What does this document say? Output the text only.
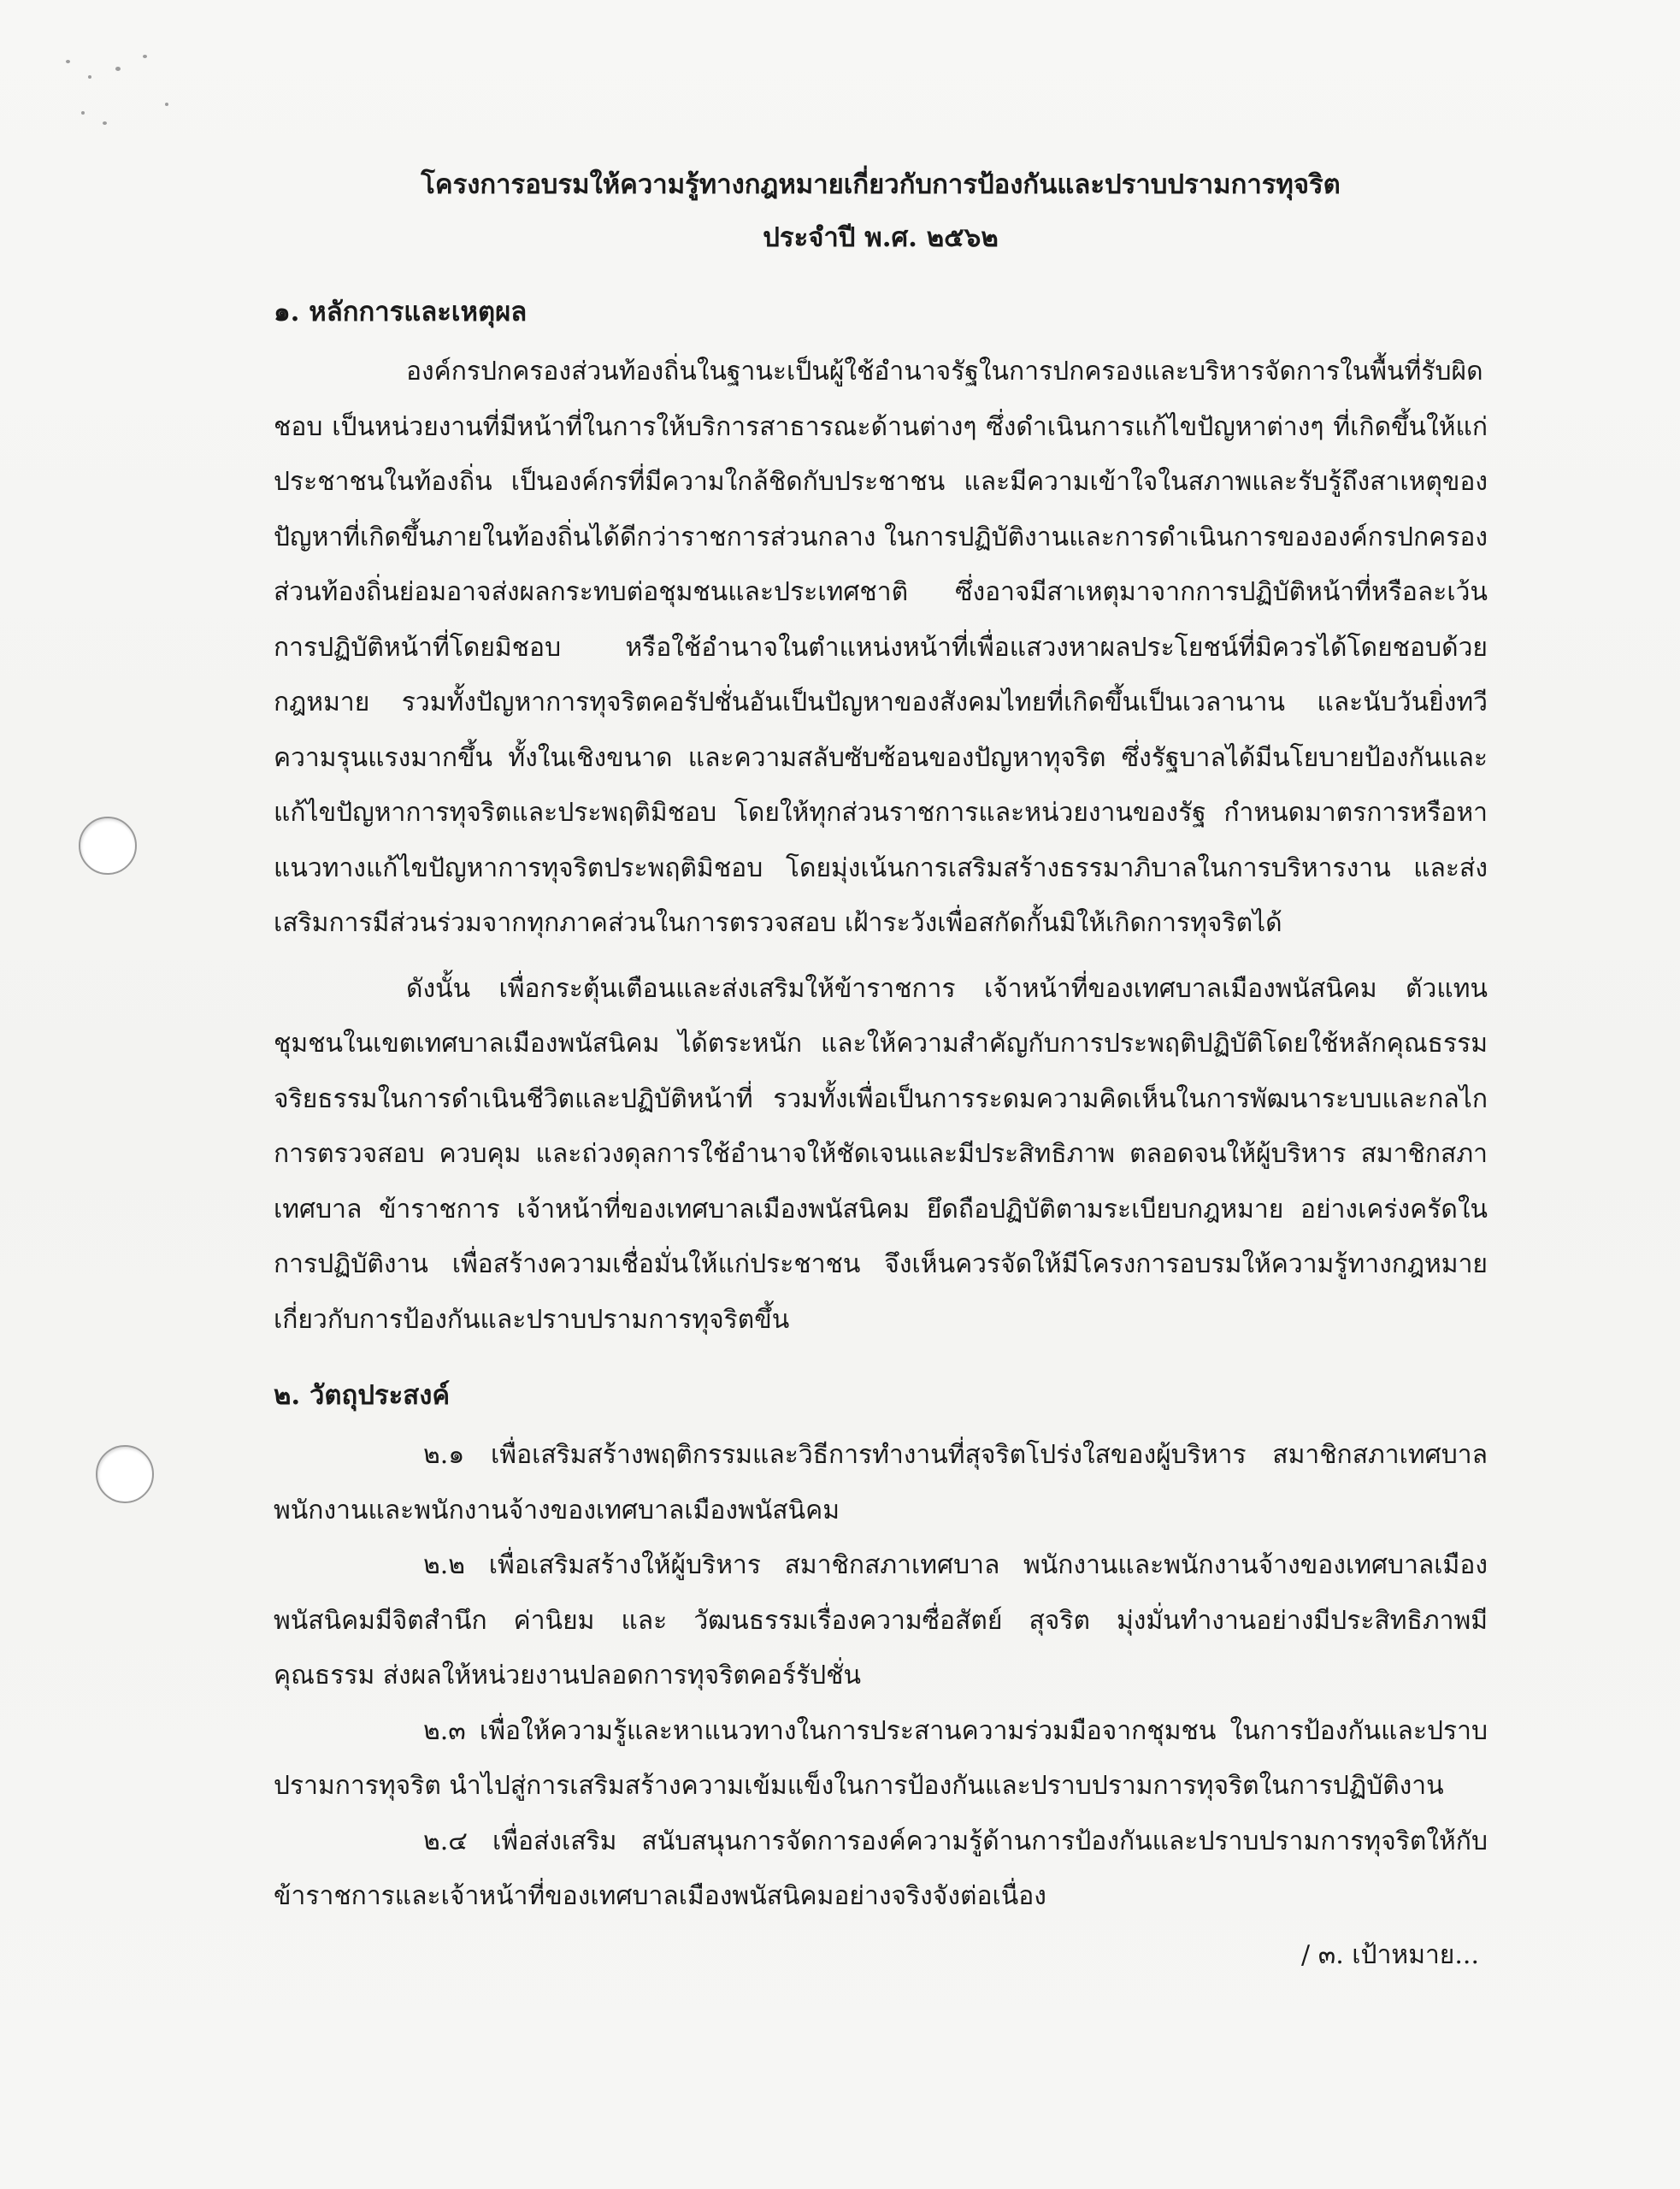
โครงการอบรมให้ความรู้ทางกฎหมายเกี่ยวกับการป้องกันและปราบปรามการทุจริต

ประจำปี พ.ศ. ๒๕๖๒

๑. หลักการและเหตุผล

องค์กรปกครองส่วนท้องถิ่นในฐานะเป็นผู้ใช้อำนาจรัฐในการปกครองและบริหารจัดการในพื้นที่รับผิดชอบ เป็นหน่วยงานที่มีหน้าที่ในการให้บริการสาธารณะด้านต่างๆ ซึ่งดำเนินการแก้ไขปัญหาต่างๆ ที่เกิดขึ้นให้แก่ประชาชนในท้องถิ่น เป็นองค์กรที่มีความใกล้ชิดกับประชาชน และมีความเข้าใจในสภาพและรับรู้ถึงสาเหตุของปัญหาที่เกิดขึ้นภายในท้องถิ่นได้ดีกว่าราชการส่วนกลาง ในการปฏิบัติงานและการดำเนินการขององค์กรปกครองส่วนท้องถิ่นย่อมอาจส่งผลกระทบต่อชุมชนและประเทศชาติ ซึ่งอาจมีสาเหตุมาจากการปฏิบัติหน้าที่หรือละเว้นการปฏิบัติหน้าที่โดยมิชอบ หรือใช้อำนาจในตำแหน่งหน้าที่เพื่อแสวงหาผลประโยชน์ที่มิควรได้โดยชอบด้วยกฎหมาย รวมทั้งปัญหาการทุจริตคอรัปชั่นอันเป็นปัญหาของสังคมไทยที่เกิดขึ้นเป็นเวลานาน และนับวันยิ่งทวีความรุนแรงมากขึ้น ทั้งในเชิงขนาด และความสลับซับซ้อนของปัญหาทุจริต ซึ่งรัฐบาลได้มีนโยบายป้องกันและแก้ไขปัญหาการทุจริตและประพฤติมิชอบ โดยให้ทุกส่วนราชการและหน่วยงานของรัฐ กำหนดมาตรการหรือหาแนวทางแก้ไขปัญหาการทุจริตประพฤติมิชอบ โดยมุ่งเน้นการเสริมสร้างธรรมาภิบาลในการบริหารงาน และส่งเสริมการมีส่วนร่วมจากทุกภาคส่วนในการตรวจสอบ เฝ้าระวังเพื่อสกัดกั้นมิให้เกิดการทุจริตได้

ดังนั้น เพื่อกระตุ้นเตือนและส่งเสริมให้ข้าราชการ เจ้าหน้าที่ของเทศบาลเมืองพนัสนิคม ตัวแทนชุมชนในเขตเทศบาลเมืองพนัสนิคม ได้ตระหนัก และให้ความสำคัญกับการประพฤติปฏิบัติโดยใช้หลักคุณธรรมจริยธรรมในการดำเนินชีวิตและปฏิบัติหน้าที่ รวมทั้งเพื่อเป็นการระดมความคิดเห็นในการพัฒนาระบบและกลไกการตรวจสอบ ควบคุม และถ่วงดุลการใช้อำนาจให้ชัดเจนและมีประสิทธิภาพ ตลอดจนให้ผู้บริหาร สมาชิกสภาเทศบาล ข้าราชการ เจ้าหน้าที่ของเทศบาลเมืองพนัสนิคม ยึดถือปฏิบัติตามระเบียบกฎหมาย อย่างเคร่งครัดในการปฏิบัติงาน เพื่อสร้างความเชื่อมั่นให้แก่ประชาชน จึงเห็นควรจัดให้มีโครงการอบรมให้ความรู้ทางกฎหมายเกี่ยวกับการป้องกันและปราบปรามการทุจริตขึ้น

๒. วัตถุประสงค์

๒.๑ เพื่อเสริมสร้างพฤติกรรมและวิธีการทำงานที่สุจริตโปร่งใสของผู้บริหาร สมาชิกสภาเทศบาลพนักงานและพนักงานจ้างของเทศบาลเมืองพนัสนิคม

๒.๒ เพื่อเสริมสร้างให้ผู้บริหาร สมาชิกสภาเทศบาล พนักงานและพนักงานจ้างของเทศบาลเมืองพนัสนิคมมีจิตสำนึก ค่านิยม และ วัฒนธรรมเรื่องความซื่อสัตย์ สุจริต มุ่งมั่นทำงานอย่างมีประสิทธิภาพมีคุณธรรม ส่งผลให้หน่วยงานปลอดการทุจริตคอร์รัปชั่น

๒.๓ เพื่อให้ความรู้และหาแนวทางในการประสานความร่วมมือจากชุมชน ในการป้องกันและปราบปรามการทุจริต นำไปสู่การเสริมสร้างความเข้มแข็งในการป้องกันและปราบปรามการทุจริตในการปฏิบัติงาน

๒.๔ เพื่อส่งเสริม สนับสนุนการจัดการองค์ความรู้ด้านการป้องกันและปราบปรามการทุจริตให้กับข้าราชการและเจ้าหน้าที่ของเทศบาลเมืองพนัสนิคมอย่างจริงจังต่อเนื่อง

/ ๓. เป้าหมาย...
